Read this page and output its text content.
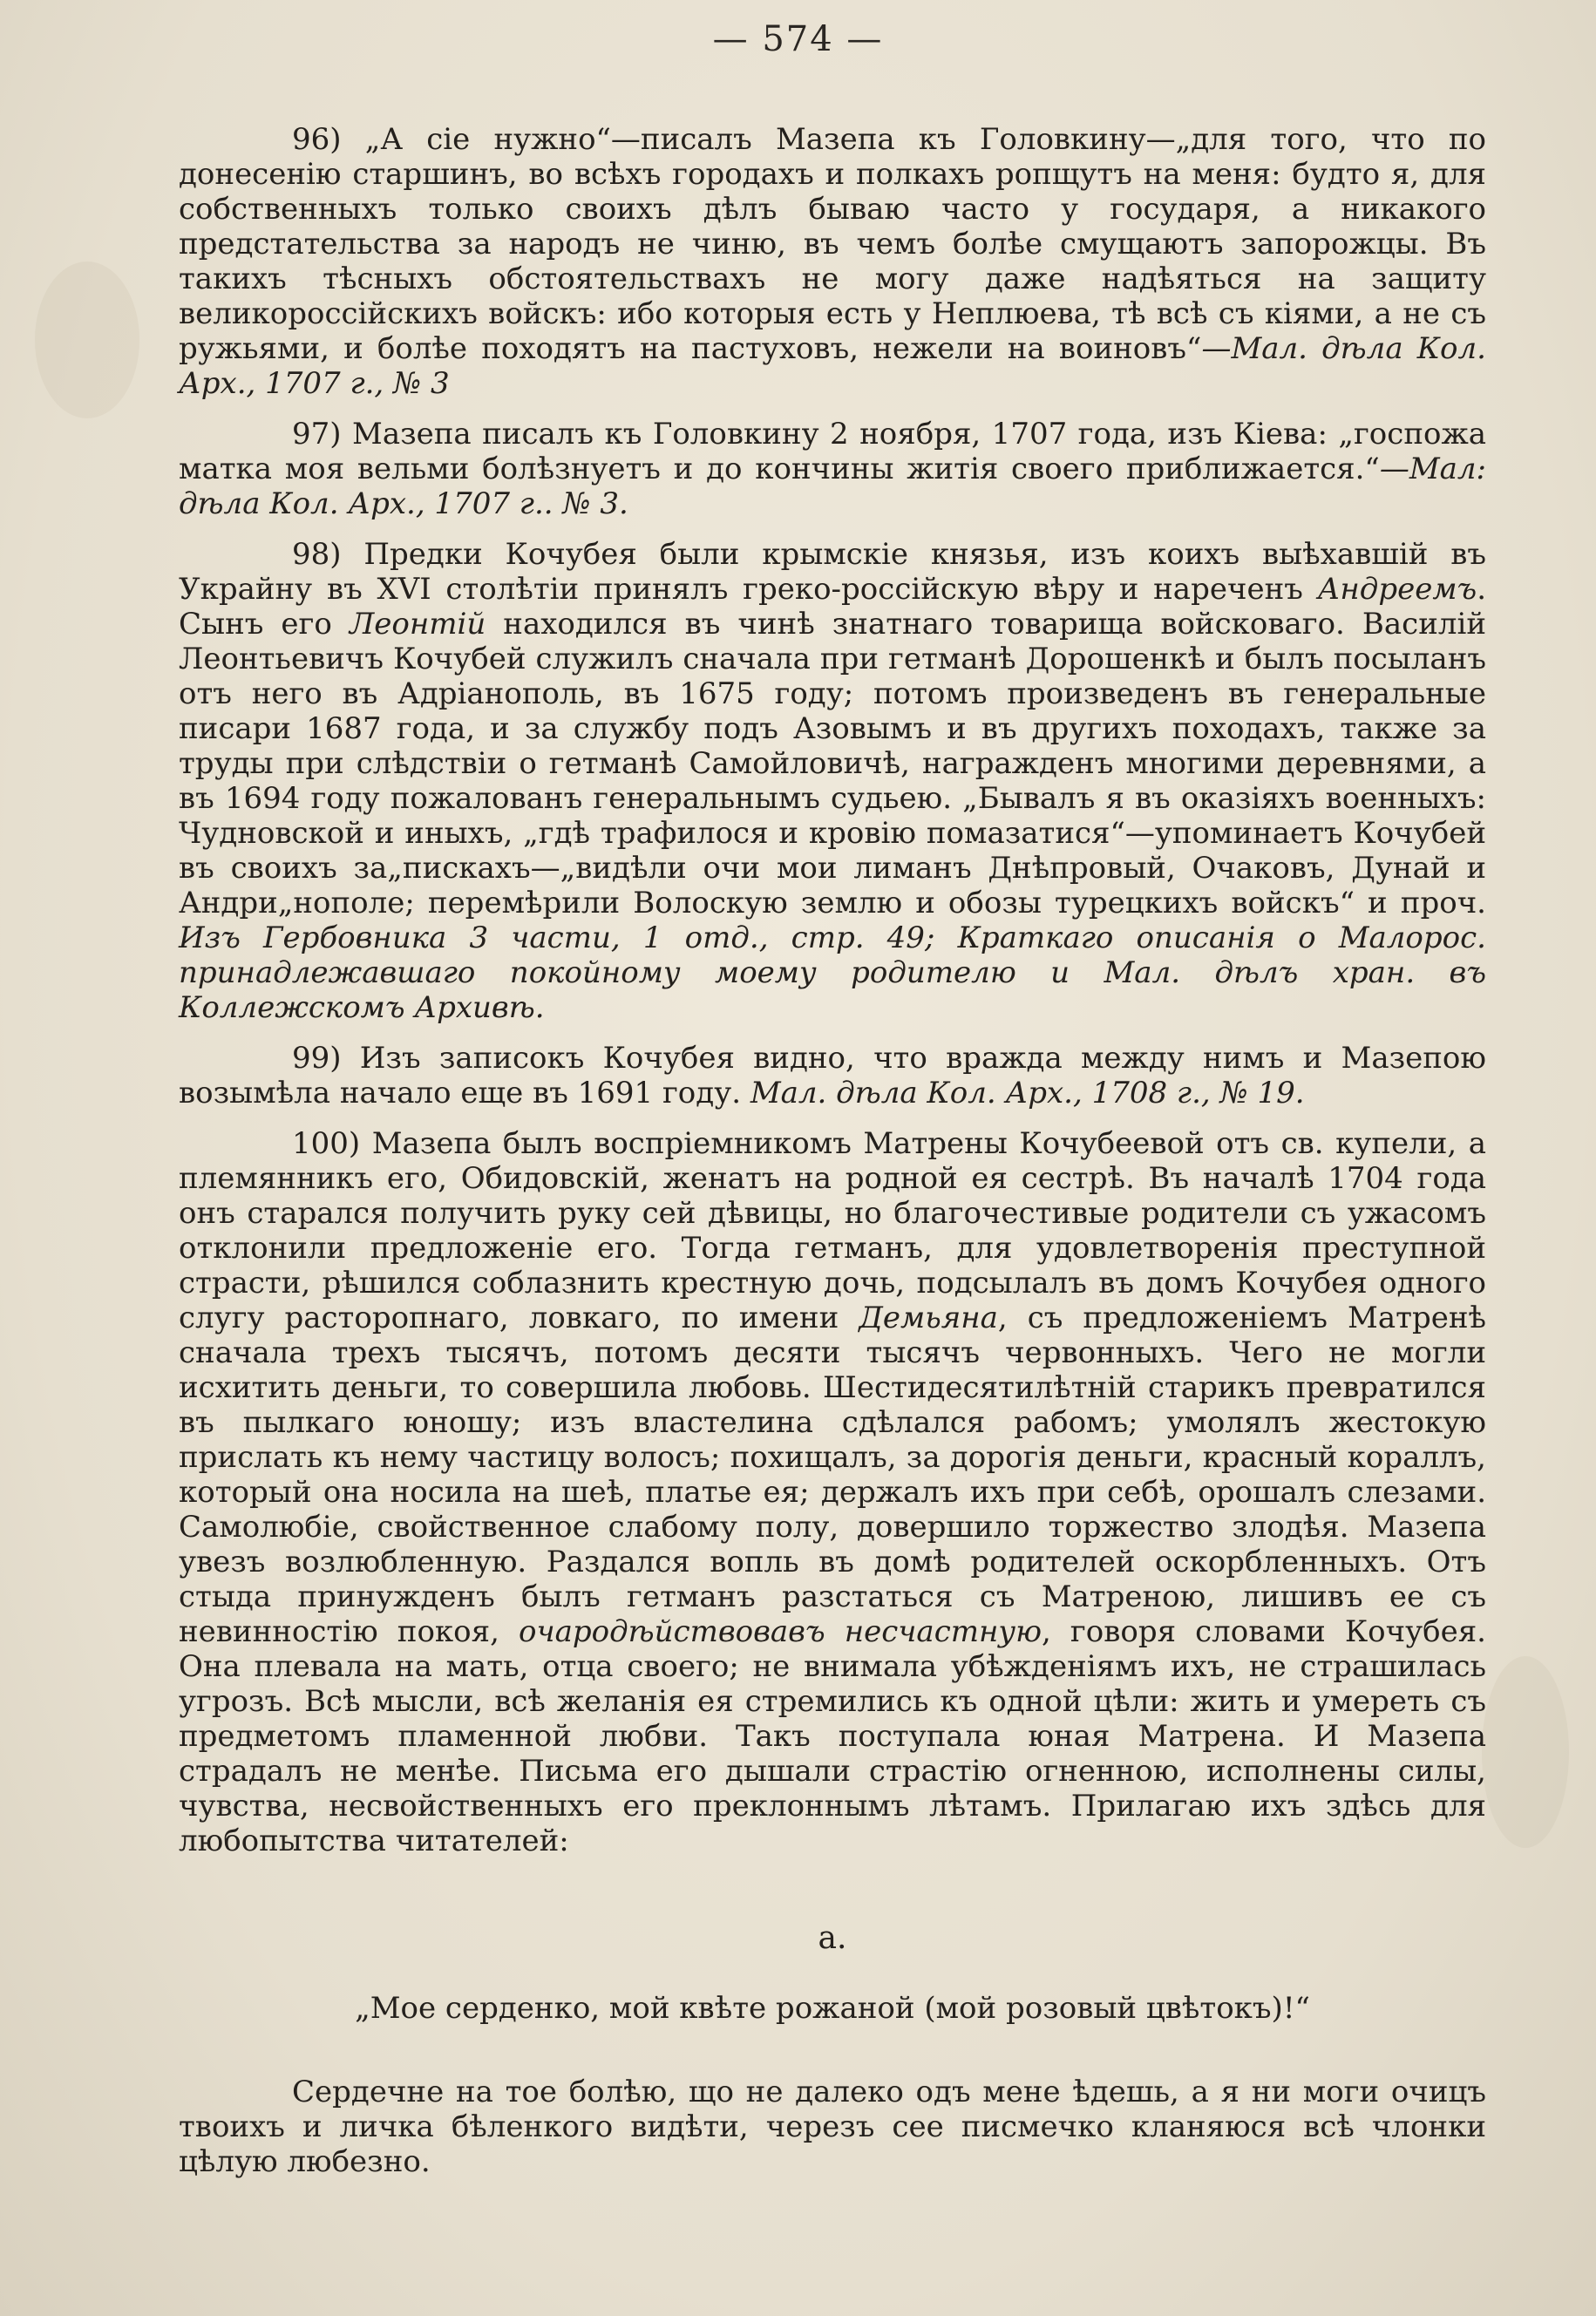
— 574 —

96) „А сіе нужно“—писалъ Мазепа къ Головкину—„для того, что по донесенію старшинъ, во всѣхъ городахъ и полкахъ ропщутъ на меня: будто я, для собственныхъ только своихъ дѣлъ бываю часто у государя, а никакого предстательства за народъ не чиню, въ чемъ болѣе смущаютъ запорожцы. Въ такихъ тѣсныхъ обстоятельствахъ не могу даже надѣяться на защиту великороссійскихъ войскъ: ибо которыя есть у Неплюева, тѣ всѣ съ кіями, а не съ ружьями, и болѣе походятъ на пастуховъ, нежели на воиновъ“—Мал. дѣла Кол. Арх., 1707 г., № 3

97) Мазепа писалъ къ Головкину 2 ноября, 1707 года, изъ Кіева: „госпожа матка моя вельми болѣзнуетъ и до кончины житія своего приближается.“—Мал: дѣла Кол. Арх., 1707 г.. № 3.

98) Предки Кочубея были крымскіе князья, изъ коихъ выѣхавшій въ Украйну въ XVI столѣтіи принялъ греко-россійскую вѣру и нареченъ Андреемъ. Сынъ его Леонтій находился въ чинѣ знатнаго товарища войсковаго. Василій Леонтьевичъ Кочубей служилъ сначала при гетманѣ Дорошенкѣ и былъ посыланъ отъ него въ Адріанополь, въ 1675 году; потомъ произведенъ въ генеральные писари 1687 года, и за службу подъ Азовымъ и въ другихъ походахъ, также за труды при слѣдствіи о гетманѣ Самойловичѣ, награжденъ многими деревнями, а въ 1694 году пожалованъ генеральнымъ судьею. „Бывалъ я въ оказіяхъ военныхъ: Чудновской и иныхъ, „гдѣ трафилося и кровію помазатися“—упоминаетъ Кочубей въ своихъ за„пискахъ—„видѣли очи мои лиманъ Днѣпровый, Очаковъ, Дунай и Андри„нополе; перемѣрили Волоскую землю и обозы турецкихъ войскъ“ и проч. Изъ Гербовника 3 части, 1 отд., стр. 49; Краткаго описанія о Малорос. принадлежавшаго покойному моему родителю и Мал. дѣлъ хран. въ Коллежскомъ Архивѣ.

99) Изъ записокъ Кочубея видно, что вражда между нимъ и Мазепою возымѣла начало еще въ 1691 году. Мал. дѣла Кол. Арх., 1708 г., № 19.

100) Мазепа былъ воспріемникомъ Матрены Кочубеевой отъ св. купели, а племянникъ его, Обидовскій, женатъ на родной ея сестрѣ. Въ началѣ 1704 года онъ старался получить руку сей дѣвицы, но благочестивые родители съ ужасомъ отклонили предложеніе его. Тогда гетманъ, для удовлетворенія преступной страсти, рѣшился соблазнить крестную дочь, подсылалъ въ домъ Кочубея одного слугу расторопнаго, ловкаго, по имени Демьяна, съ предложеніемъ Матренѣ сначала трехъ тысячъ, потомъ десяти тысячъ червонныхъ. Чего не могли исхитить деньги, то совершила любовь. Шестидесятилѣтній старикъ превратился въ пылкаго юношу; изъ властелина сдѣлался рабомъ; умолялъ жестокую прислать къ нему частицу волосъ; похищалъ, за дорогія деньги, красный кораллъ, который она носила на шеѣ, платье ея; держалъ ихъ при себѣ, орошалъ слезами. Самолюбіе, свойственное слабому полу, довершило торжество злодѣя. Мазепа увезъ возлюбленную. Раздался вопль въ домѣ родителей оскорбленныхъ. Отъ стыда принужденъ былъ гетманъ разстаться съ Матреною, лишивъ ее съ невинностію покоя, очародѣйствовавъ несчастную, говоря словами Кочубея. Она плевала на мать, отца своего; не внимала убѣжденіямъ ихъ, не страшилась угрозъ. Всѣ мысли, всѣ желанія ея стремились къ одной цѣли: жить и умереть съ предметомъ пламенной любви. Такъ поступала юная Матрена. И Мазепа страдалъ не менѣе. Письма его дышали страстію огненною, исполнены силы, чувства, несвойственныхъ его преклоннымъ лѣтамъ. Прилагаю ихъ здѣсь для любопытства читателей:

а.
„Мое серденко, мой квѣте рожаной (мой розовый цвѣтокъ)!“

Сердечне на тое болѣю, що не далеко одъ мене ѣдешь, а я ни моги очицъ твоихъ и личка бѣленкого видѣти, черезъ сее писмечко кланяюся всѣ члонки цѣлую любезно.
